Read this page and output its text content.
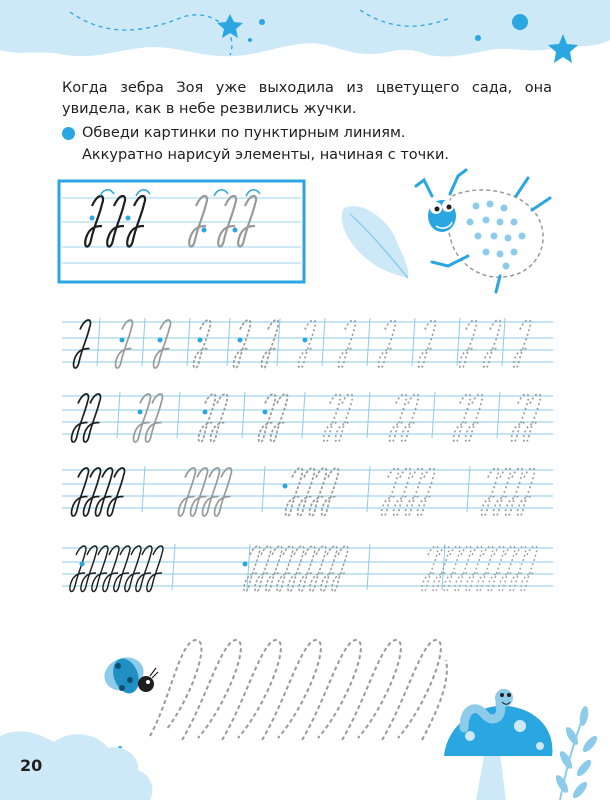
Когда зебра Зоя уже выходила из цветущего сада, она увидела, как в небе резвились жучки.

Обведи картинки по пунктирным линиям.

Аккуратно нарисуй элементы, начиная с точки.

20
